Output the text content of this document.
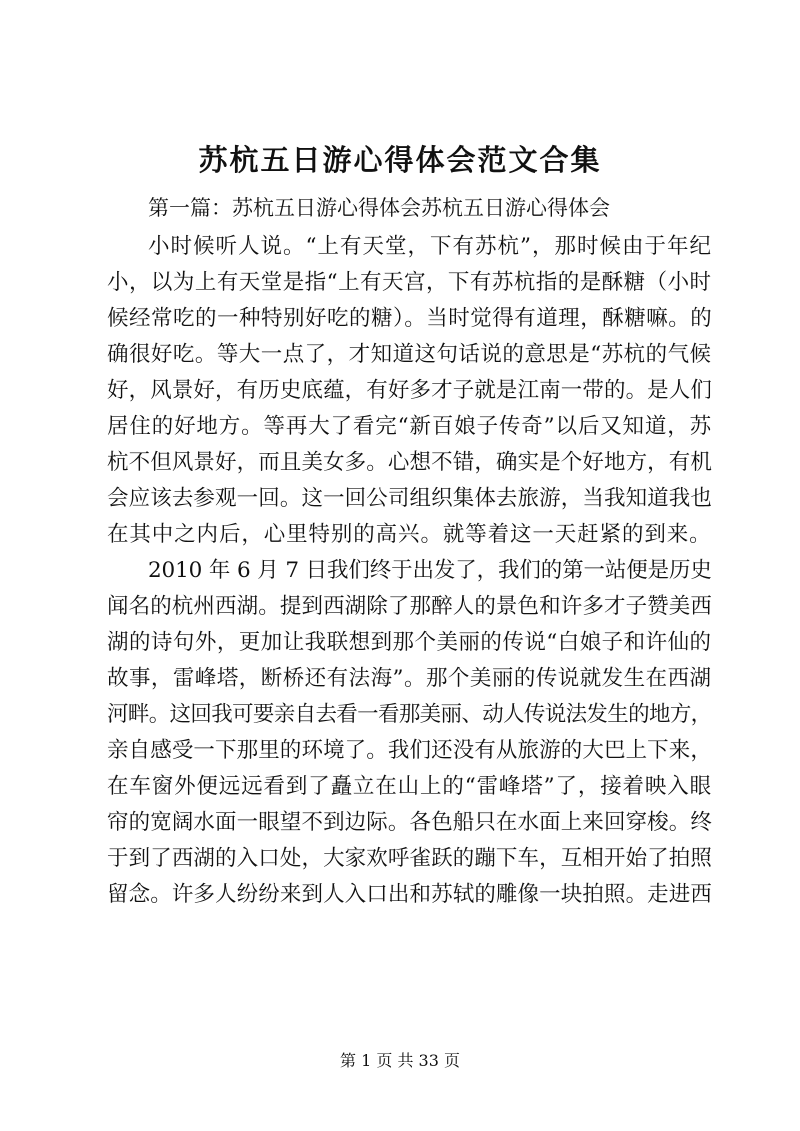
苏杭五日游心得体会范文合集

第一篇：苏杭五日游心得体会苏杭五日游心得体会

小时候听人说。“上有天堂，下有苏杭”，那时候由于年纪

小，以为上有天堂是指“上有天宫，下有苏杭指的是酥糖（小时

候经常吃的一种特别好吃的糖）。当时觉得有道理，酥糖嘛。的

确很好吃。等大一点了，才知道这句话说的意思是“苏杭的气候

好，风景好，有历史底蕴，有好多才子就是江南一带的。是人们

居住的好地方。等再大了看完“新百娘子传奇”以后又知道，苏

杭不但风景好，而且美女多。心想不错，确实是个好地方，有机

会应该去参观一回。这一回公司组织集体去旅游，当我知道我也

在其中之内后，心里特别的高兴。就等着这一天赶紧的到来。

2010 年 6 月 7 日我们终于出发了，我们的第一站便是历史

闻名的杭州西湖。提到西湖除了那醉人的景色和许多才子赞美西

湖的诗句外，更加让我联想到那个美丽的传说“白娘子和许仙的

故事，雷峰塔，断桥还有法海”。那个美丽的传说就发生在西湖

河畔。这回我可要亲自去看一看那美丽、动人传说法发生的地方，

亲自感受一下那里的环境了。我们还没有从旅游的大巴上下来，

在车窗外便远远看到了矗立在山上的“雷峰塔”了，接着映入眼

帘的宽阔水面一眼望不到边际。各色船只在水面上来回穿梭。终

于到了西湖的入口处，大家欢呼雀跃的蹦下车，互相开始了拍照

留念。许多人纷纷来到人入口出和苏轼的雕像一块拍照。走进西

第 1 页 共 33 页
